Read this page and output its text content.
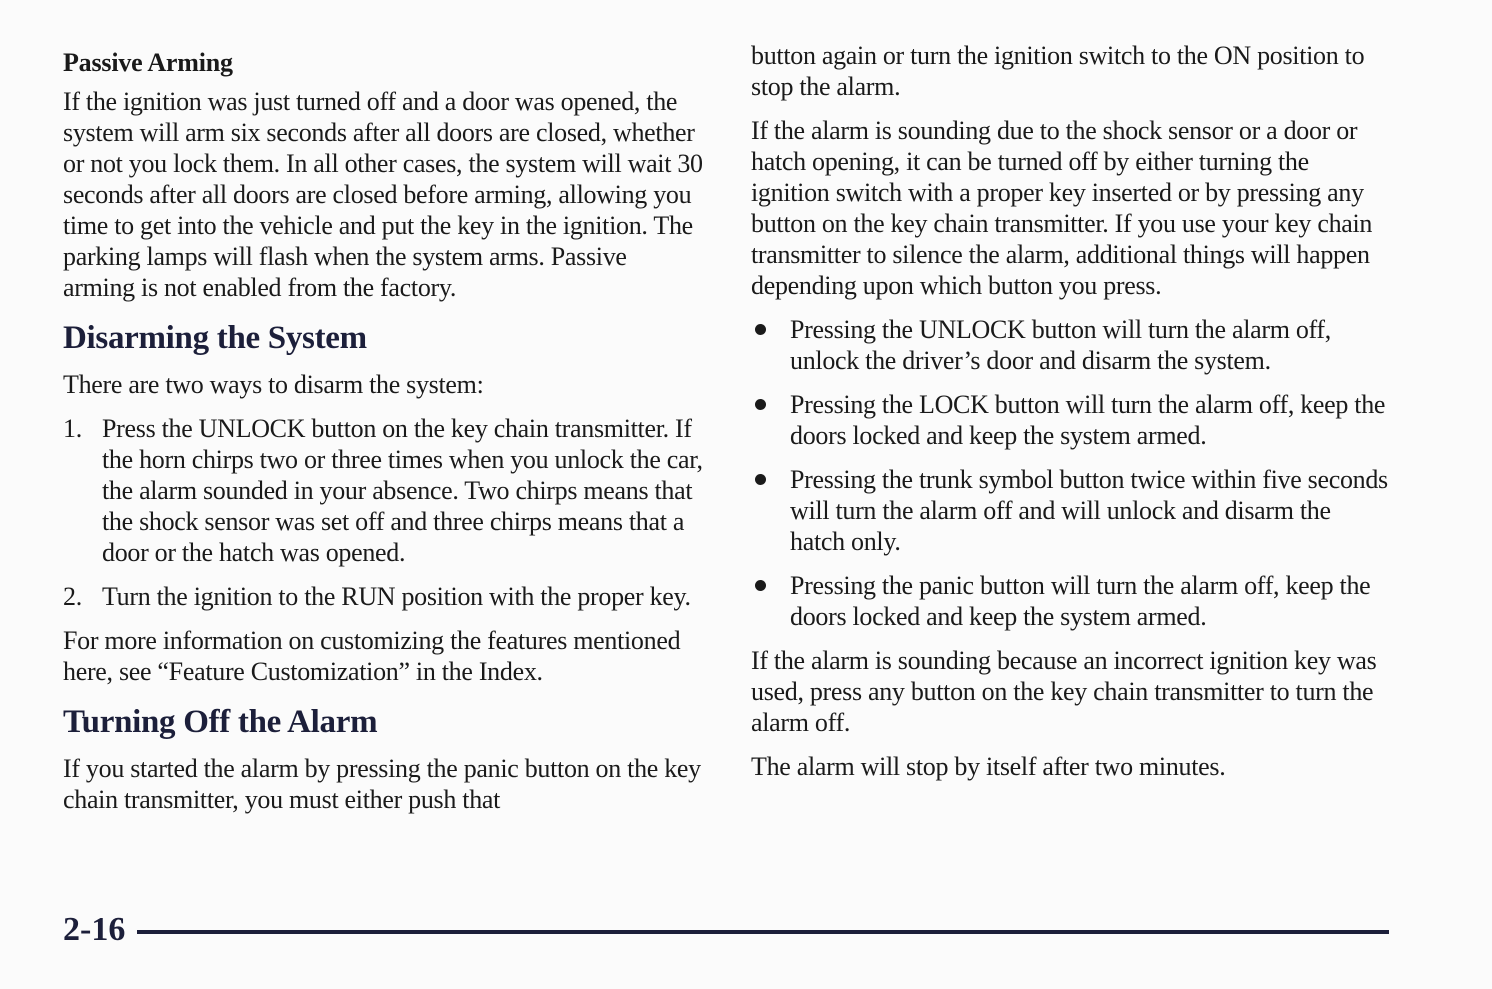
Passive Arming

If the ignition was just turned off and a door was opened, the system will arm six seconds after all doors are closed, whether or not you lock them. In all other cases, the system will wait 30 seconds after all doors are closed before arming, allowing you time to get into the vehicle and put the key in the ignition. The parking lamps will flash when the system arms. Passive arming is not enabled from the factory.

Disarming the System

There are two ways to disarm the system:

1. Press the UNLOCK button on the key chain transmitter. If the horn chirps two or three times when you unlock the car, the alarm sounded in your absence. Two chirps means that the shock sensor was set off and three chirps means that a door or the hatch was opened.
2. Turn the ignition to the RUN position with the proper key.

For more information on customizing the features mentioned here, see “Feature Customization” in the Index.

Turning Off the Alarm

If you started the alarm by pressing the panic button on the key chain transmitter, you must either push that

button again or turn the ignition switch to the ON position to stop the alarm.

If the alarm is sounding due to the shock sensor or a door or hatch opening, it can be turned off by either turning the ignition switch with a proper key inserted or by pressing any button on the key chain transmitter. If you use your key chain transmitter to silence the alarm, additional things will happen depending upon which button you press.

Pressing the UNLOCK button will turn the alarm off, unlock the driver’s door and disarm the system.
Pressing the LOCK button will turn the alarm off, keep the doors locked and keep the system armed.
Pressing the trunk symbol button twice within five seconds will turn the alarm off and will unlock and disarm the hatch only.
Pressing the panic button will turn the alarm off, keep the doors locked and keep the system armed.

If the alarm is sounding because an incorrect ignition key was used, press any button on the key chain transmitter to turn the alarm off.

The alarm will stop by itself after two minutes.

2-16
